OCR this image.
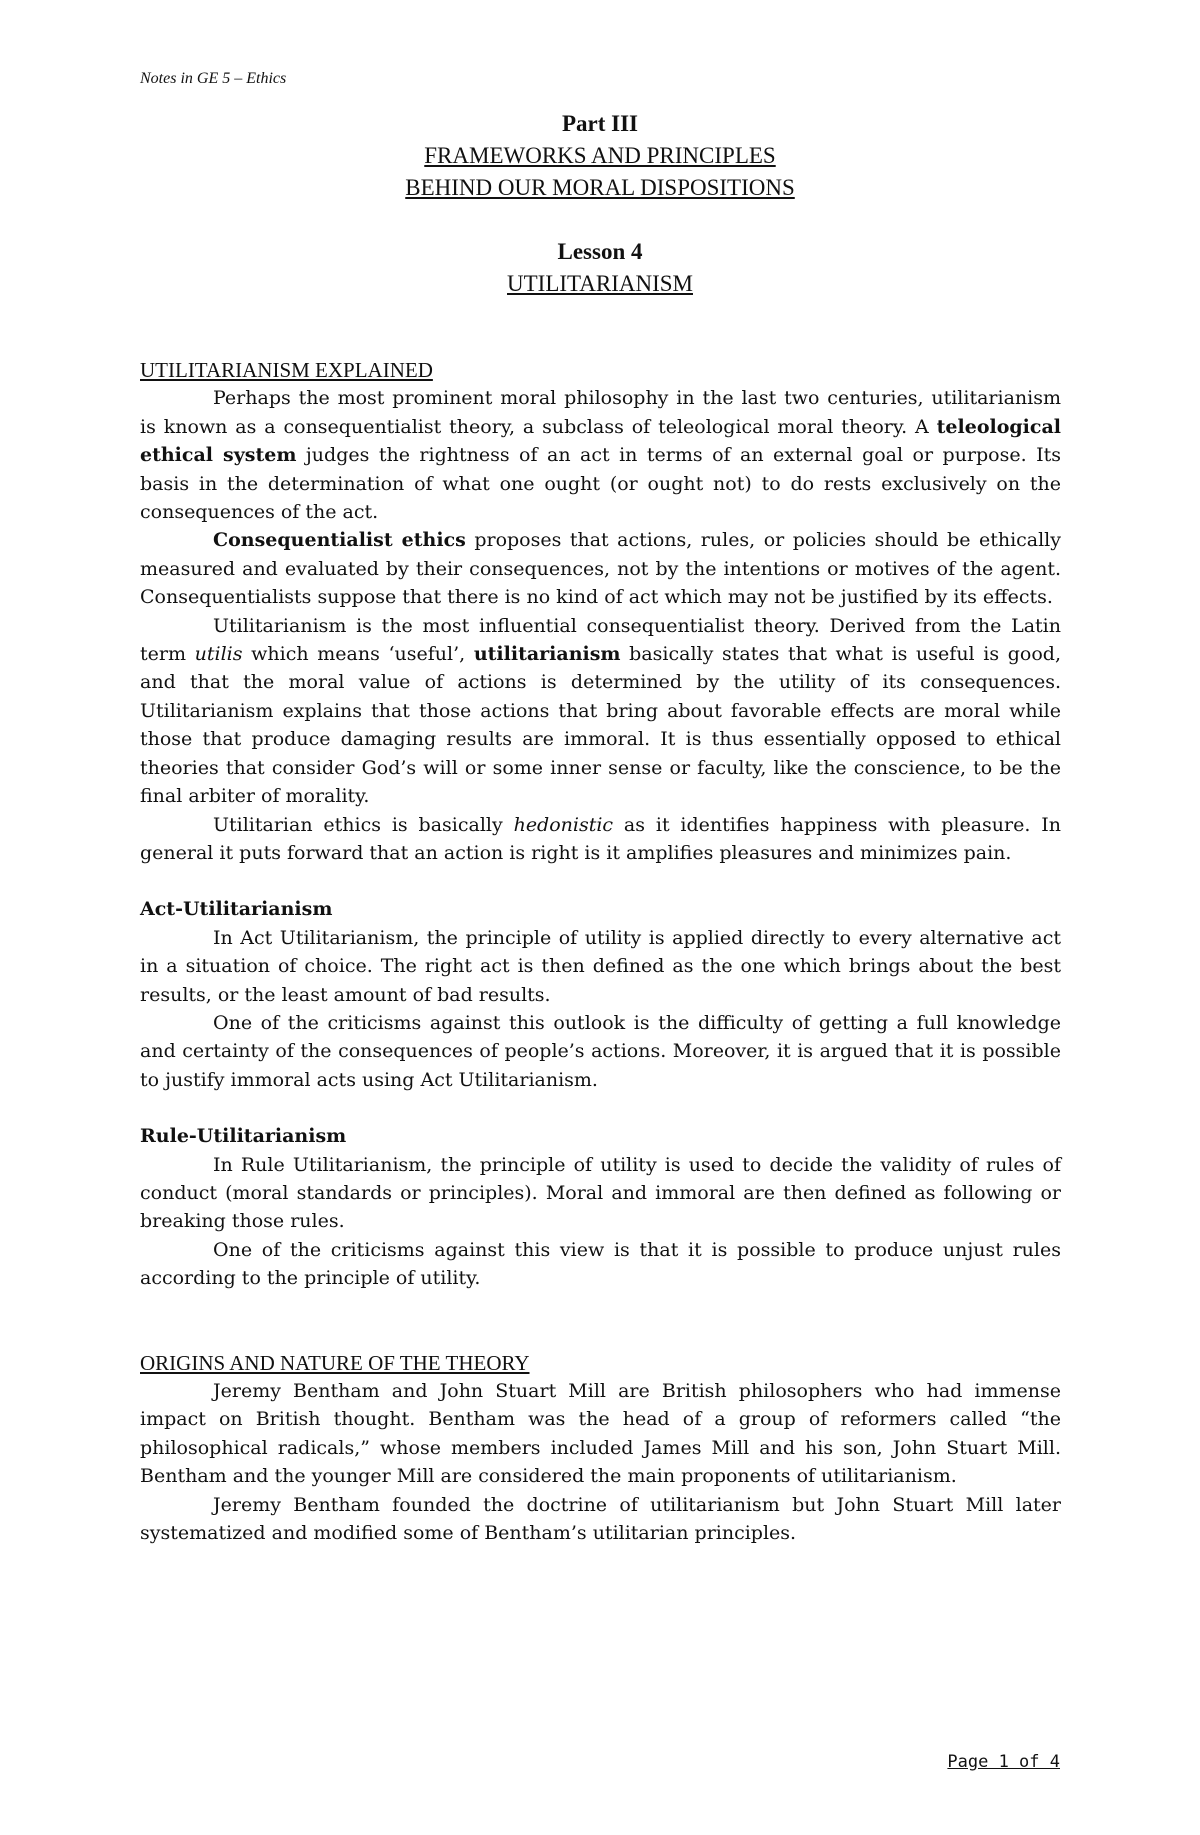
Notes in GE 5 – Ethics
Part III
FRAMEWORKS AND PRINCIPLES
BEHIND OUR MORAL DISPOSITIONS
Lesson 4
UTILITARIANISM
UTILITARIANISM EXPLAINED

Perhaps the most prominent moral philosophy in the last two centuries, utilitarianism is known as a consequentialist theory, a subclass of teleological moral theory. A teleological ethical system judges the rightness of an act in terms of an external goal or purpose. Its basis in the determination of what one ought (or ought not) to do rests exclusively on the consequences of the act.

Consequentialist ethics proposes that actions, rules, or policies should be ethically measured and evaluated by their consequences, not by the intentions or motives of the agent. Consequentialists suppose that there is no kind of act which may not be justified by its effects.

Utilitarianism is the most influential consequentialist theory. Derived from the Latin term utilis which means ‘useful’, utilitarianism basically states that what is useful is good, and that the moral value of actions is determined by the utility of its consequences. Utilitarianism explains that those actions that bring about favorable effects are moral while those that produce damaging results are immoral. It is thus essentially opposed to ethical theories that consider God’s will or some inner sense or faculty, like the conscience, to be the final arbiter of morality.

Utilitarian ethics is basically hedonistic as it identifies happiness with pleasure. In general it puts forward that an action is right is it amplifies pleasures and minimizes pain.

Act-Utilitarianism

In Act Utilitarianism, the principle of utility is applied directly to every alternative act in a situation of choice. The right act is then defined as the one which brings about the best results, or the least amount of bad results.

One of the criticisms against this outlook is the difficulty of getting a full knowledge and certainty of the consequences of people’s actions. Moreover, it is argued that it is possible to justify immoral acts using Act Utilitarianism.

Rule-Utilitarianism

In Rule Utilitarianism, the principle of utility is used to decide the validity of rules of conduct (moral standards or principles). Moral and immoral are then defined as following or breaking those rules.

One of the criticisms against this view is that it is possible to produce unjust rules according to the principle of utility.

ORIGINS AND NATURE OF THE THEORY

Jeremy Bentham and John Stuart Mill are British philosophers who had immense impact on British thought. Bentham was the head of a group of reformers called “the philosophical radicals,” whose members included James Mill and his son, John Stuart Mill. Bentham and the younger Mill are considered the main proponents of utilitarianism.

Jeremy Bentham founded the doctrine of utilitarianism but John Stuart Mill later systematized and modified some of Bentham’s utilitarian principles.

Page 1 of 4
